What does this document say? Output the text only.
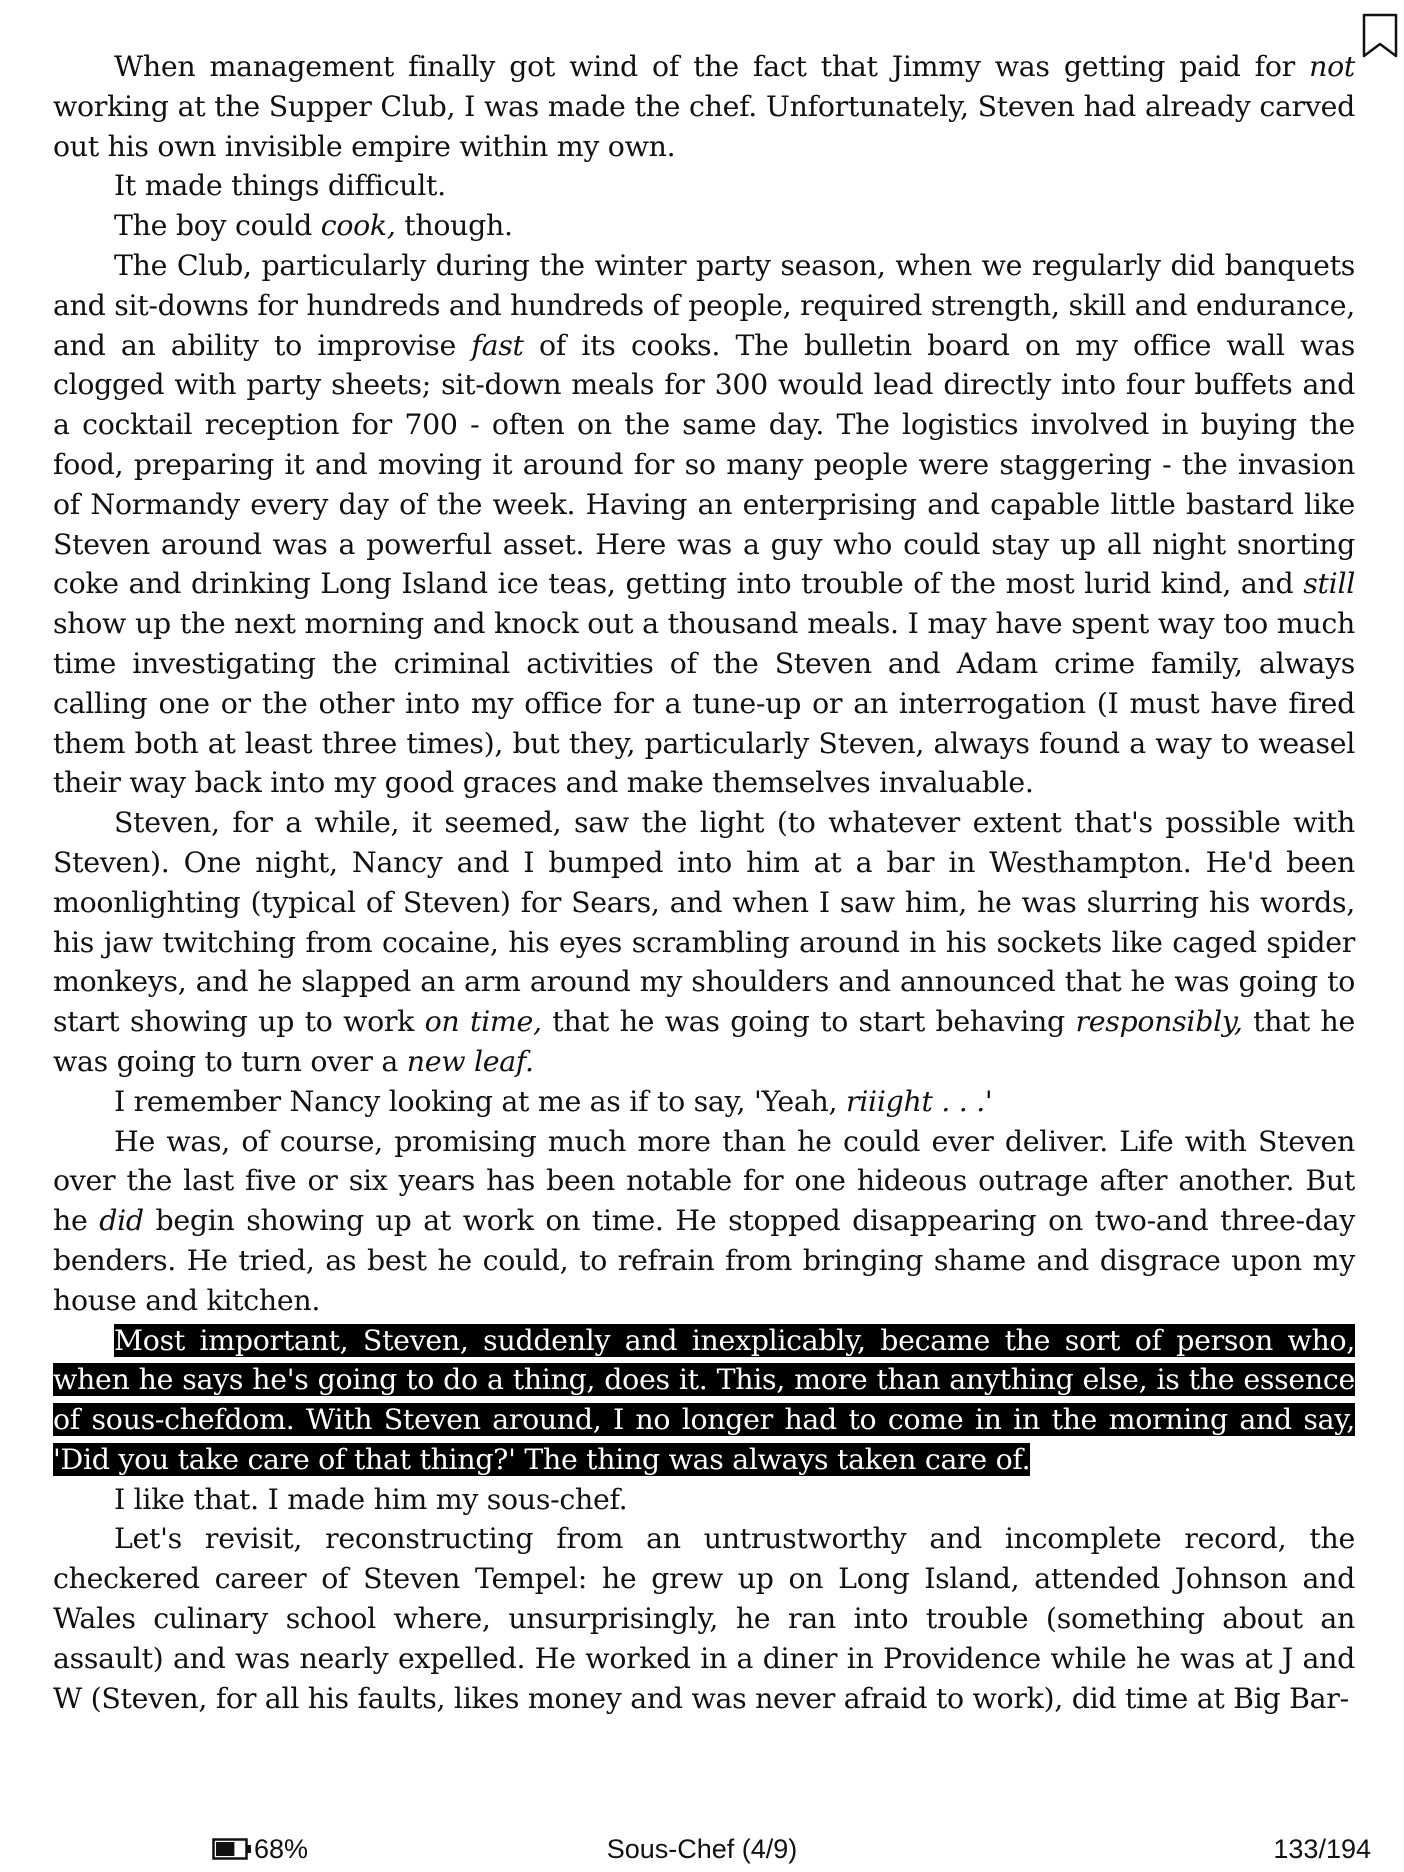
When management finally got wind of the fact that Jimmy was getting paid for not working at the Supper Club, I was made the chef. Unfortunately, Steven had already carved out his own invisible empire within my own.

It made things difficult.

The boy could cook, though.

The Club, particularly during the winter party season, when we regularly did banquets and sit-downs for hundreds and hundreds of people, required strength, skill and endurance, and an ability to improvise fast of its cooks. The bulletin board on my office wall was clogged with party sheets; sit-down meals for 300 would lead directly into four buffets and a cocktail reception for 700 - often on the same day. The logistics involved in buying the food, preparing it and moving it around for so many people were staggering - the invasion of Normandy every day of the week. Having an enterprising and capable little bastard like Steven around was a powerful asset. Here was a guy who could stay up all night snorting coke and drinking Long Island ice teas, getting into trouble of the most lurid kind, and still show up the next morning and knock out a thousand meals. I may have spent way too much time investigating the criminal activities of the Steven and Adam crime family, always calling one or the other into my office for a tune-up or an interrogation (I must have fired them both at least three times), but they, particularly Steven, always found a way to weasel their way back into my good graces and make themselves invaluable.

Steven, for a while, it seemed, saw the light (to whatever extent that's possible with Steven). One night, Nancy and I bumped into him at a bar in Westhampton. He'd been moonlighting (typical of Steven) for Sears, and when I saw him, he was slurring his words, his jaw twitching from cocaine, his eyes scrambling around in his sockets like caged spider monkeys, and he slapped an arm around my shoulders and announced that he was going to start showing up to work on time, that he was going to start behaving responsibly, that he was going to turn over a new leaf.

I remember Nancy looking at me as if to say, 'Yeah, riiight . . .'

He was, of course, promising much more than he could ever deliver. Life with Steven over the last five or six years has been notable for one hideous outrage after another. But he did begin showing up at work on time. He stopped disappearing on two-and three-day benders. He tried, as best he could, to refrain from bringing shame and disgrace upon my house and kitchen.

Most important, Steven, suddenly and inexplicably, became the sort of person who, when he says he's going to do a thing, does it. This, more than anything else, is the essence of sous-chefdom. With Steven around, I no longer had to come in in the morning and say, 'Did you take care of that thing?' The thing was always taken care of.

I like that. I made him my sous-chef.

Let's revisit, reconstructing from an untrustworthy and incomplete record, the checkered career of Steven Tempel: he grew up on Long Island, attended Johnson and Wales culinary school where, unsurprisingly, he ran into trouble (something about an assault) and was nearly expelled. He worked in a diner in Providence while he was at J and W (Steven, for all his faults, likes money and was never afraid to work), did time at Big Bar-

68%	Sous-Chef (4/9)	133/194
